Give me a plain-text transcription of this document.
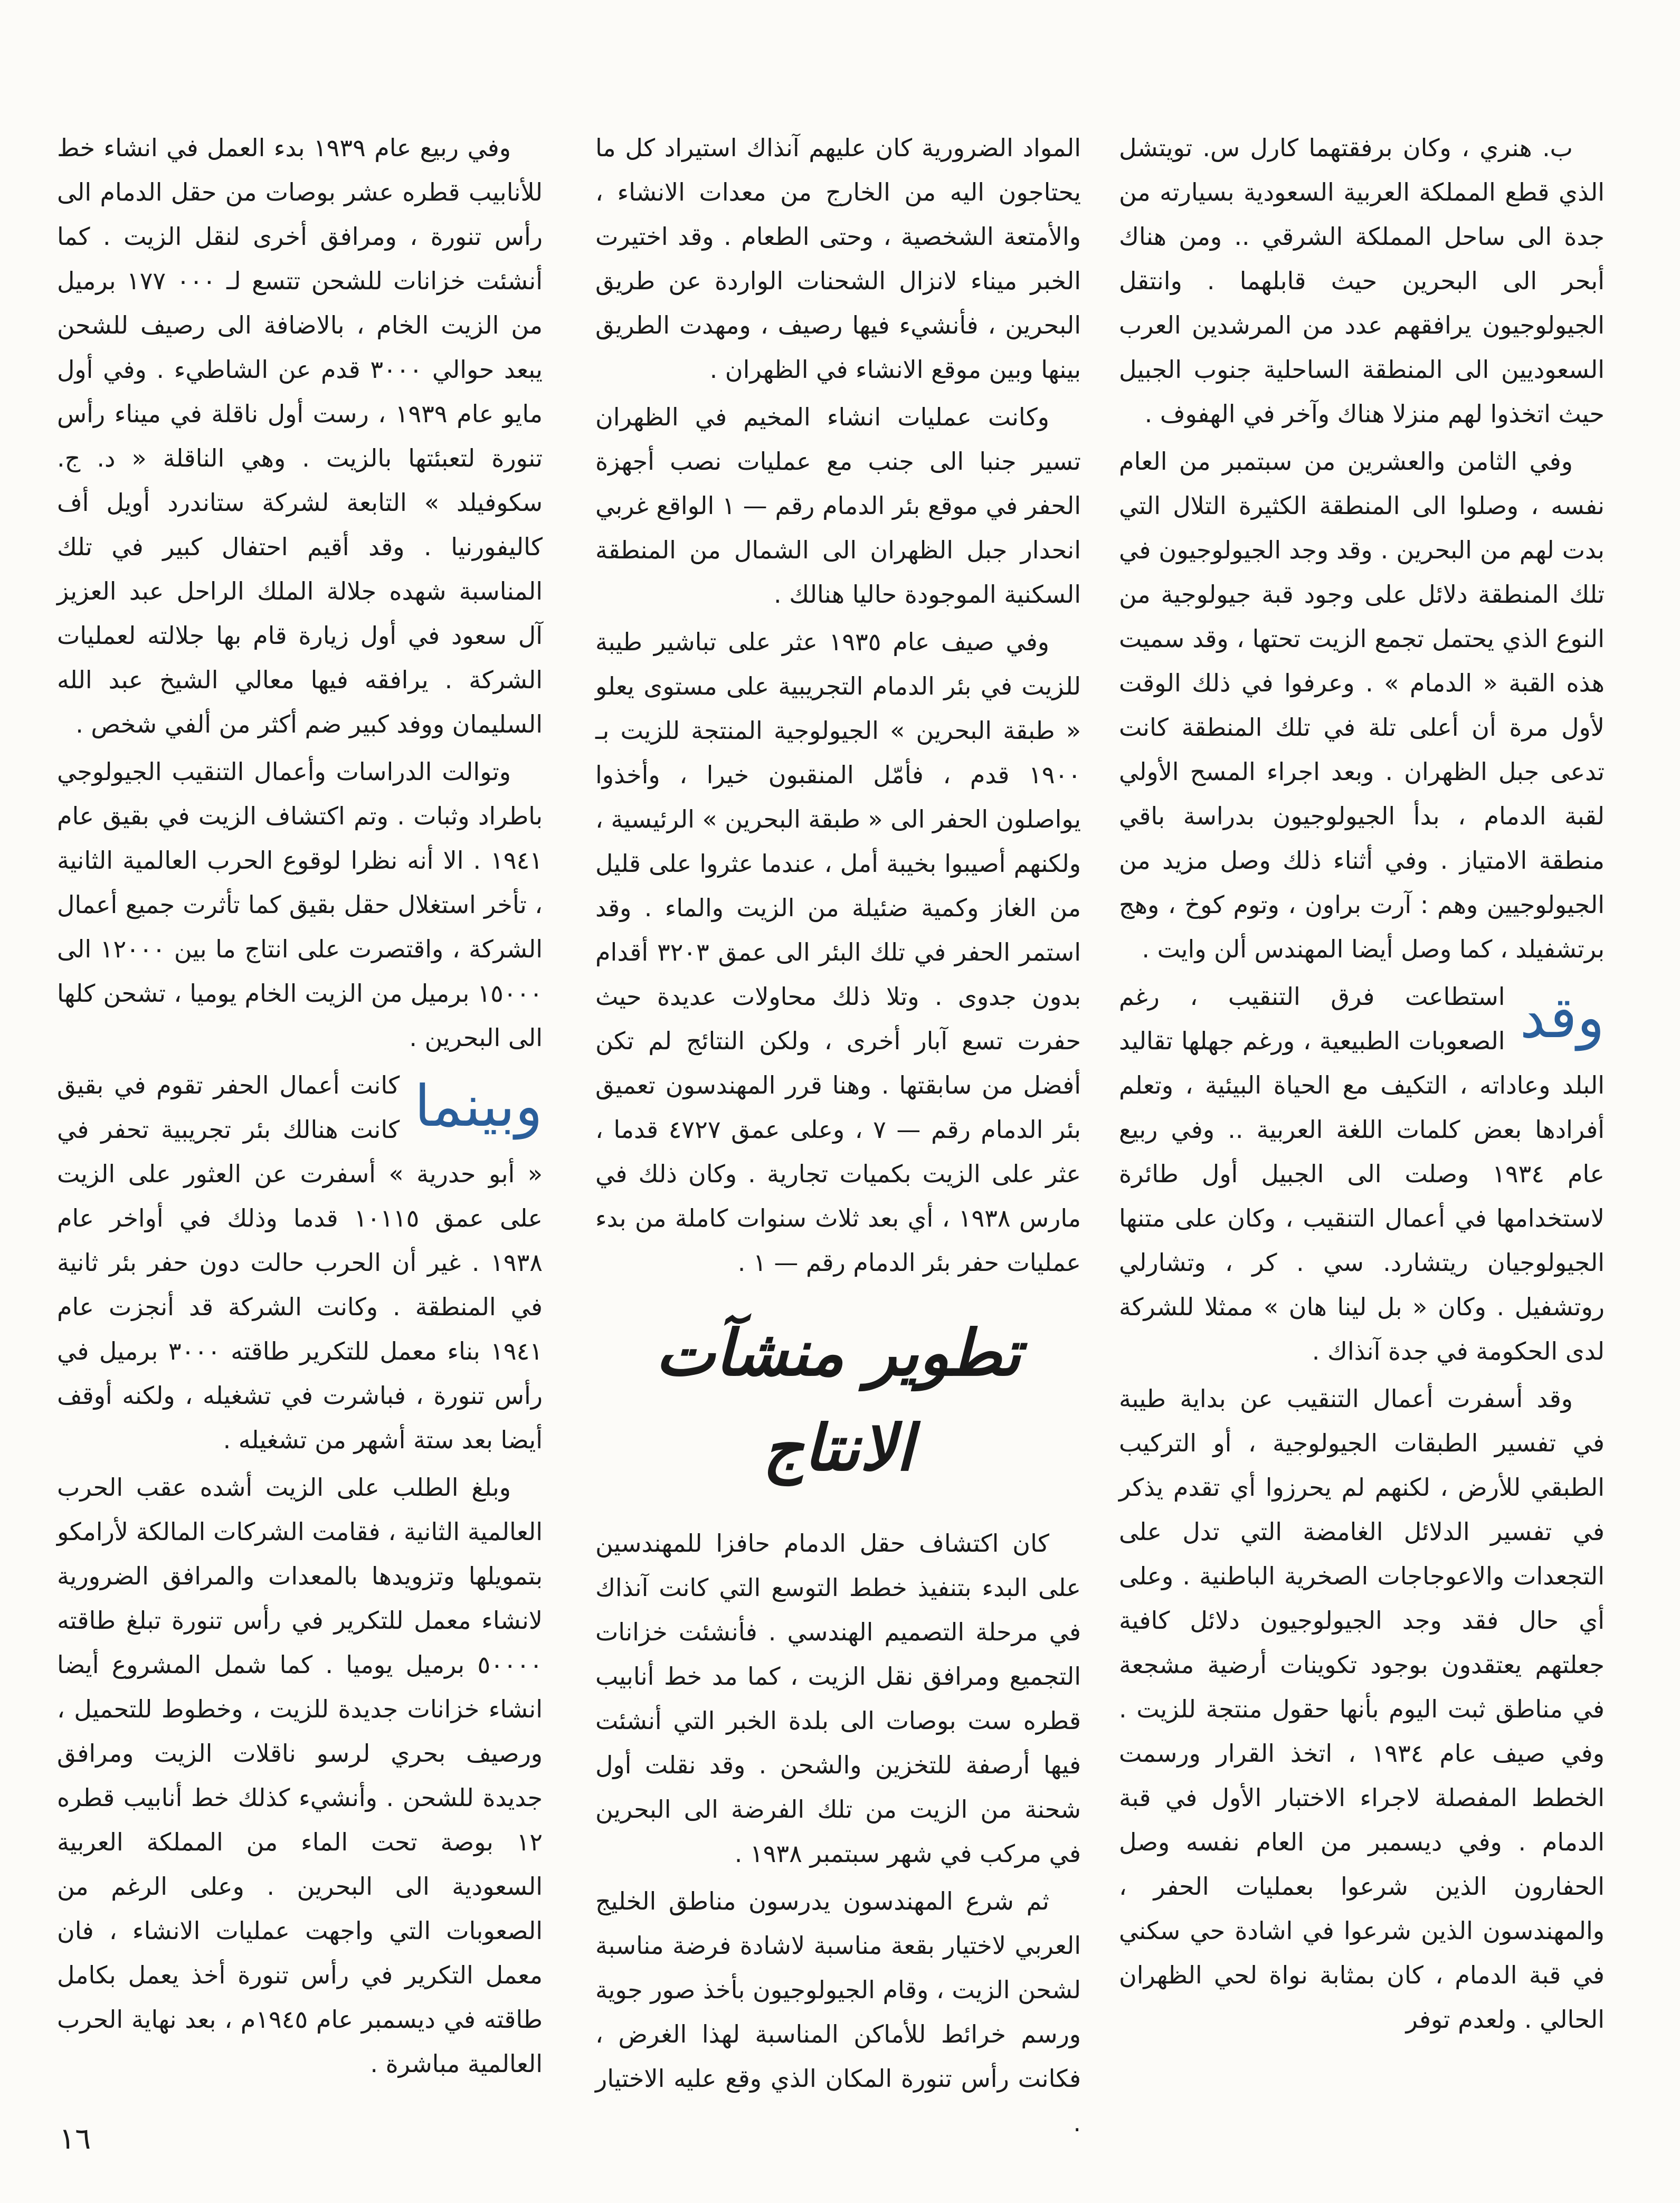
ب. هنري ، وكان برفقتهما كارل س. تويتشل الذي قطع المملكة العربية السعودية بسيارته من جدة الى ساحل المملكة الشرقي .. ومن هناك أبحر الى البحرين حيث قابلهما . وانتقل الجيولوجيون يرافقهم عدد من المرشدين العرب السعوديين الى المنطقة الساحلية جنوب الجبيل حيث اتخذوا لهم منزلا هناك وآخر في الهفوف .

وفي الثامن والعشرين من سبتمبر من العام نفسه ، وصلوا الى المنطقة الكثيرة التلال التي بدت لهم من البحرين . وقد وجد الجيولوجيون في تلك المنطقة دلائل على وجود قبة جيولوجية من النوع الذي يحتمل تجمع الزيت تحتها ، وقد سميت هذه القبة « الدمام » . وعرفوا في ذلك الوقت لأول مرة أن أعلى تلة في تلك المنطقة كانت تدعى جبل الظهران . وبعد اجراء المسح الأولي لقبة الدمام ، بدأ الجيولوجيون بدراسة باقي منطقة الامتياز . وفي أثناء ذلك وصل مزيد من الجيولوجيين وهم : آرت براون ، وتوم كوخ ، وهج برتشفيلد ، كما وصل أيضا المهندس ألن وايت .

وقد

استطاعت فرق التنقيب ، رغم الصعوبات الطبيعية ، ورغم جهلها تقاليد البلد وعاداته ، التكيف مع الحياة البيئية ، وتعلم أفرادها بعض كلمات اللغة العربية .. وفي ربيع عام ١٩٣٤ وصلت الى الجبيل أول طائرة لاستخدامها في أعمال التنقيب ، وكان على متنها الجيولوجيان ريتشارد. سي . كر ، وتشارلي روتشفيل . وكان « بل لينا هان » ممثلا للشركة لدى الحكومة في جدة آنذاك .

وقد أسفرت أعمال التنقيب عن بداية طيبة في تفسير الطبقات الجيولوجية ، أو التركيب الطبقي للأرض ، لكنهم لم يحرزوا أي تقدم يذكر في تفسير الدلائل الغامضة التي تدل على التجعدات والاعوجاجات الصخرية الباطنية . وعلى أي حال فقد وجد الجيولوجيون دلائل كافية جعلتهم يعتقدون بوجود تكوينات أرضية مشجعة في مناطق ثبت اليوم بأنها حقول منتجة للزيت . وفي صيف عام ١٩٣٤ ، اتخذ القرار ورسمت الخطط المفصلة لاجراء الاختبار الأول في قبة الدمام . وفي ديسمبر من العام نفسه وصل الحفارون الذين شرعوا بعمليات الحفر ، والمهندسون الذين شرعوا في اشادة حي سكني في قبة الدمام ، كان بمثابة نواة لحي الظهران الحالي . ولعدم توفر

المواد الضرورية كان عليهم آنذاك استيراد كل ما يحتاجون اليه من الخارج من معدات الانشاء ، والأمتعة الشخصية ، وحتى الطعام . وقد اختيرت الخبر ميناء لانزال الشحنات الواردة عن طريق البحرين ، فأنشيء فيها رصيف ، ومهدت الطريق بينها وبين موقع الانشاء في الظهران .

وكانت عمليات انشاء المخيم في الظهران تسير جنبا الى جنب مع عمليات نصب أجهزة الحفر في موقع بئر الدمام رقم — ١ الواقع غربي انحدار جبل الظهران الى الشمال من المنطقة السكنية الموجودة حاليا هنالك .

وفي صيف عام ١٩٣٥ عثر على تباشير طيبة للزيت في بئر الدمام التجريبية على مستوى يعلو « طبقة البحرين » الجيولوجية المنتجة للزيت بـ ١٩٠٠ قدم ، فأمّل المنقبون خيرا ، وأخذوا يواصلون الحفر الى « طبقة البحرين » الرئيسية ، ولكنهم أصيبوا بخيبة أمل ، عندما عثروا على قليل من الغاز وكمية ضئيلة من الزيت والماء . وقد استمر الحفر في تلك البئر الى عمق ٣٢٠٣ أقدام بدون جدوى . وتلا ذلك محاولات عديدة حيث حفرت تسع آبار أخرى ، ولكن النتائج لم تكن أفضل من سابقتها . وهنا قرر المهندسون تعميق بئر الدمام رقم — ٧ ، وعلى عمق ٤٧٢٧ قدما ، عثر على الزيت بكميات تجارية . وكان ذلك في مارس ١٩٣٨ ، أي بعد ثلاث سنوات كاملة من بدء عمليات حفر بئر الدمام رقم — ١ .

تطوير منشآت الانتاج

كان اكتشاف حقل الدمام حافزا للمهندسين على البدء بتنفيذ خطط التوسع التي كانت آنذاك في مرحلة التصميم الهندسي . فأنشئت خزانات التجميع ومرافق نقل الزيت ، كما مد خط أنابيب قطره ست بوصات الى بلدة الخبر التي أنشئت فيها أرصفة للتخزين والشحن . وقد نقلت أول شحنة من الزيت من تلك الفرضة الى البحرين في مركب في شهر سبتمبر ١٩٣٨ .

ثم شرع المهندسون يدرسون مناطق الخليج العربي لاختيار بقعة مناسبة لاشادة فرضة مناسبة لشحن الزيت ، وقام الجيولوجيون بأخذ صور جوية ورسم خرائط للأماكن المناسبة لهذا الغرض ، فكانت رأس تنورة المكان الذي وقع عليه الاختيار .

وفي ربيع عام ١٩٣٩ بدء العمل في انشاء خط للأنابيب قطره عشر بوصات من حقل الدمام الى رأس تنورة ، ومرافق أخرى لنقل الزيت . كما أنشئت خزانات للشحن تتسع لـ ٠٠٠ ١٧٧ برميل من الزيت الخام ، بالاضافة الى رصيف للشحن يبعد حوالي ٣٠٠٠ قدم عن الشاطيء . وفي أول مايو عام ١٩٣٩ ، رست أول ناقلة في ميناء رأس تنورة لتعبئتها بالزيت . وهي الناقلة « د. ج. سكوفيلد » التابعة لشركة ستاندرد أويل أف كاليفورنيا . وقد أقيم احتفال كبير في تلك المناسبة شهده جلالة الملك الراحل عبد العزيز آل سعود في أول زيارة قام بها جلالته لعمليات الشركة . يرافقه فيها معالي الشيخ عبد الله السليمان ووفد كبير ضم أكثر من ألفي شخص .

وتوالت الدراسات وأعمال التنقيب الجيولوجي باطراد وثبات . وتم اكتشاف الزيت في بقيق عام ١٩٤١ . الا أنه نظرا لوقوع الحرب العالمية الثانية ، تأخر استغلال حقل بقيق كما تأثرت جميع أعمال الشركة ، واقتصرت على انتاج ما بين ١٢٠٠٠ الى ١٥٠٠٠ برميل من الزيت الخام يوميا ، تشحن كلها الى البحرين .

وبينما

كانت أعمال الحفر تقوم في بقيق كانت هنالك بئر تجريبية تحفر في « أبو حدرية » أسفرت عن العثور على الزيت على عمق ١٠١١٥ قدما وذلك في أواخر عام ١٩٣٨ . غير أن الحرب حالت دون حفر بئر ثانية في المنطقة . وكانت الشركة قد أنجزت عام ١٩٤١ بناء معمل للتكرير طاقته ٣٠٠٠ برميل في رأس تنورة ، فباشرت في تشغيله ، ولكنه أوقف أيضا بعد ستة أشهر من تشغيله .

وبلغ الطلب على الزيت أشده عقب الحرب العالمية الثانية ، فقامت الشركات المالكة لأرامكو بتمويلها وتزويدها بالمعدات والمرافق الضرورية لانشاء معمل للتكرير في رأس تنورة تبلغ طاقته ٥٠٠٠٠ برميل يوميا . كما شمل المشروع أيضا انشاء خزانات جديدة للزيت ، وخطوط للتحميل ، ورصيف بحري لرسو ناقلات الزيت ومرافق جديدة للشحن . وأنشيء كذلك خط أنابيب قطره ١٢ بوصة تحت الماء من المملكة العربية السعودية الى البحرين . وعلى الرغم من الصعوبات التي واجهت عمليات الانشاء ، فان معمل التكرير في رأس تنورة أخذ يعمل بكامل طاقته في ديسمبر عام ١٩٤٥م ، بعد نهاية الحرب العالمية مباشرة .

١٦
